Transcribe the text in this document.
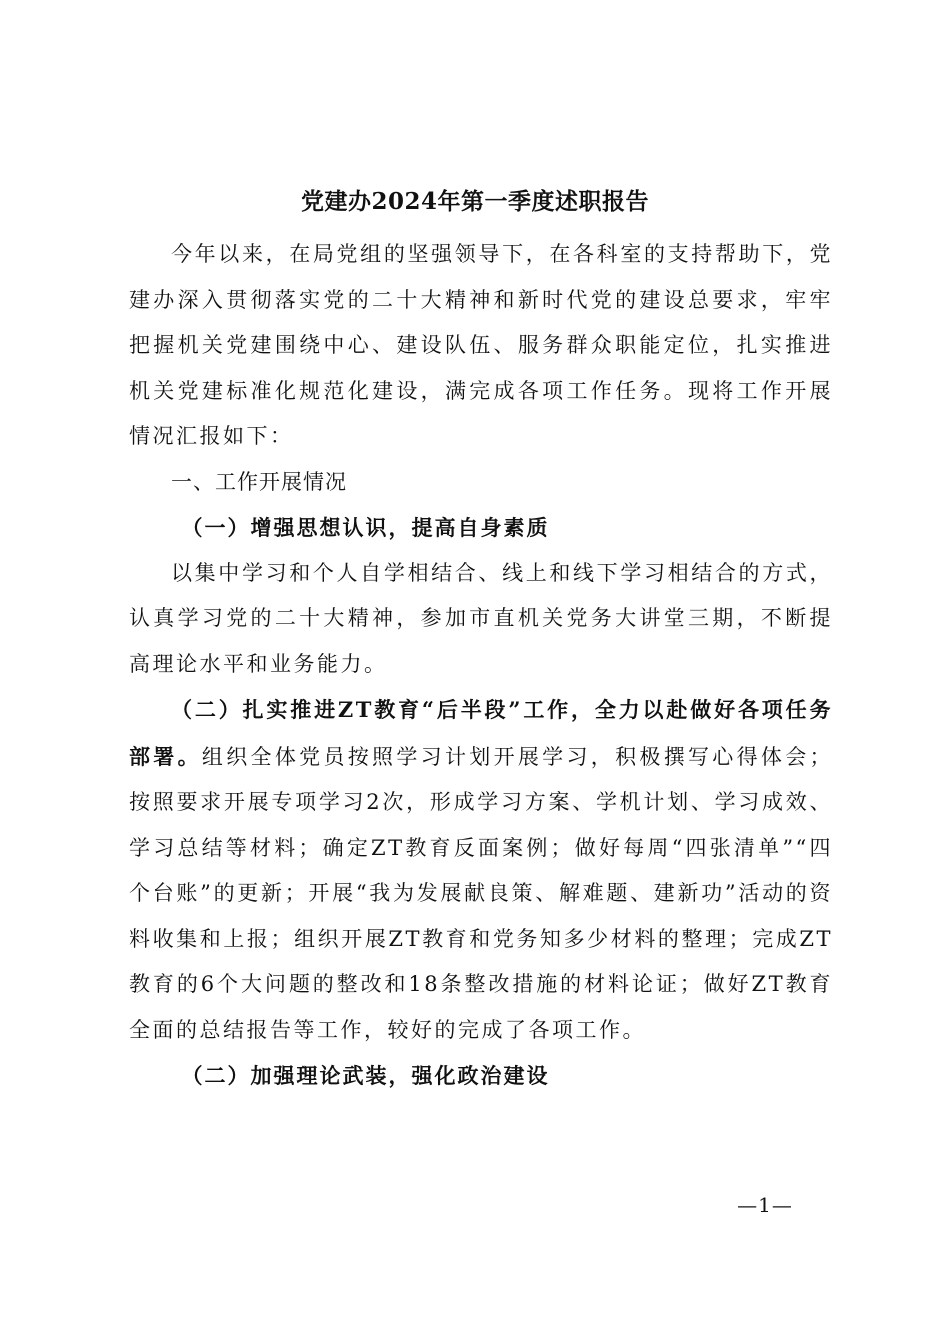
党建办2024年第一季度述职报告

今年以来，在局党组的坚强领导下，在各科室的支持帮助下，党建办深入贯彻落实党的二十大精神和新时代党的建设总要求，牢牢把握机关党建围绕中心、建设队伍、服务群众职能定位，扎实推进机关党建标准化规范化建设，满完成各项工作任务。现将工作开展情况汇报如下：

一、工作开展情况

（一）增强思想认识，提高自身素质

以集中学习和个人自学相结合、线上和线下学习相结合的方式，认真学习党的二十大精神，参加市直机关党务大讲堂三期，不断提高理论水平和业务能力。

（二）扎实推进ZT教育“后半段”工作，全力以赴做好各项任务部署。组织全体党员按照学习计划开展学习，积极撰写心得体会；按照要求开展专项学习2次，形成学习方案、学机计划、学习成效、学习总结等材料；确定ZT教育反面案例；做好每周“四张清单”“四个台账”的更新；开展“我为发展献良策、解难题、建新功”活动的资料收集和上报；组织开展ZT教育和党务知多少材料的整理；完成ZT教育的6个大问题的整改和18条整改措施的材料论证；做好ZT教育全面的总结报告等工作，较好的完成了各项工作。

（二）加强理论武装，强化政治建设

—1—
